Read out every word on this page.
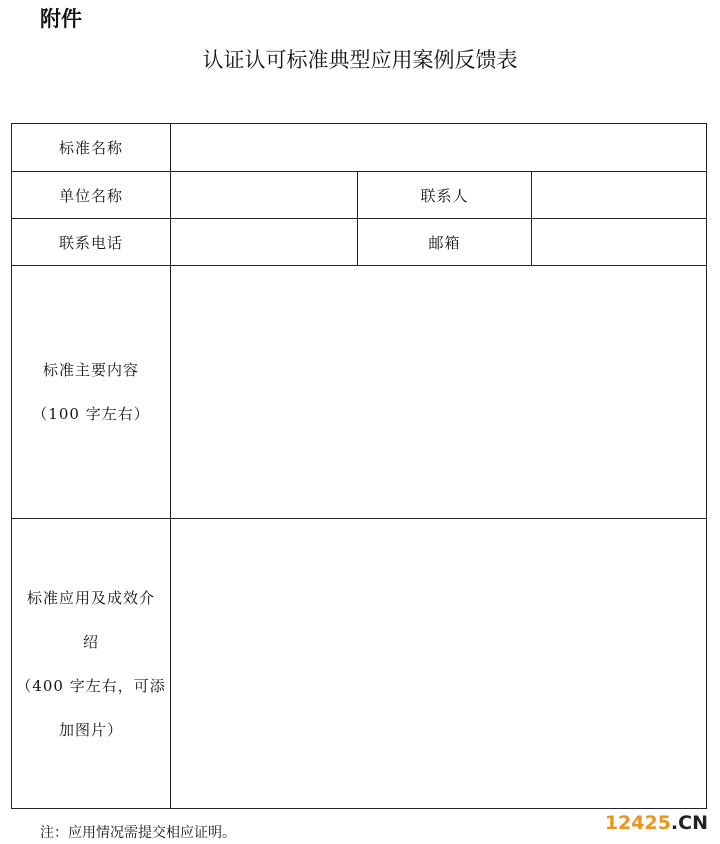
附件
认证认可标准典型应用案例反馈表
标准名称			
单位名称		联系人	
联系电话		邮箱	

标准主要内容
（100 字左右）			

标准应用及成效介
绍
（400 字左右，可添
加图片）			

注：应用情况需提交相应证明。	12425.CN
